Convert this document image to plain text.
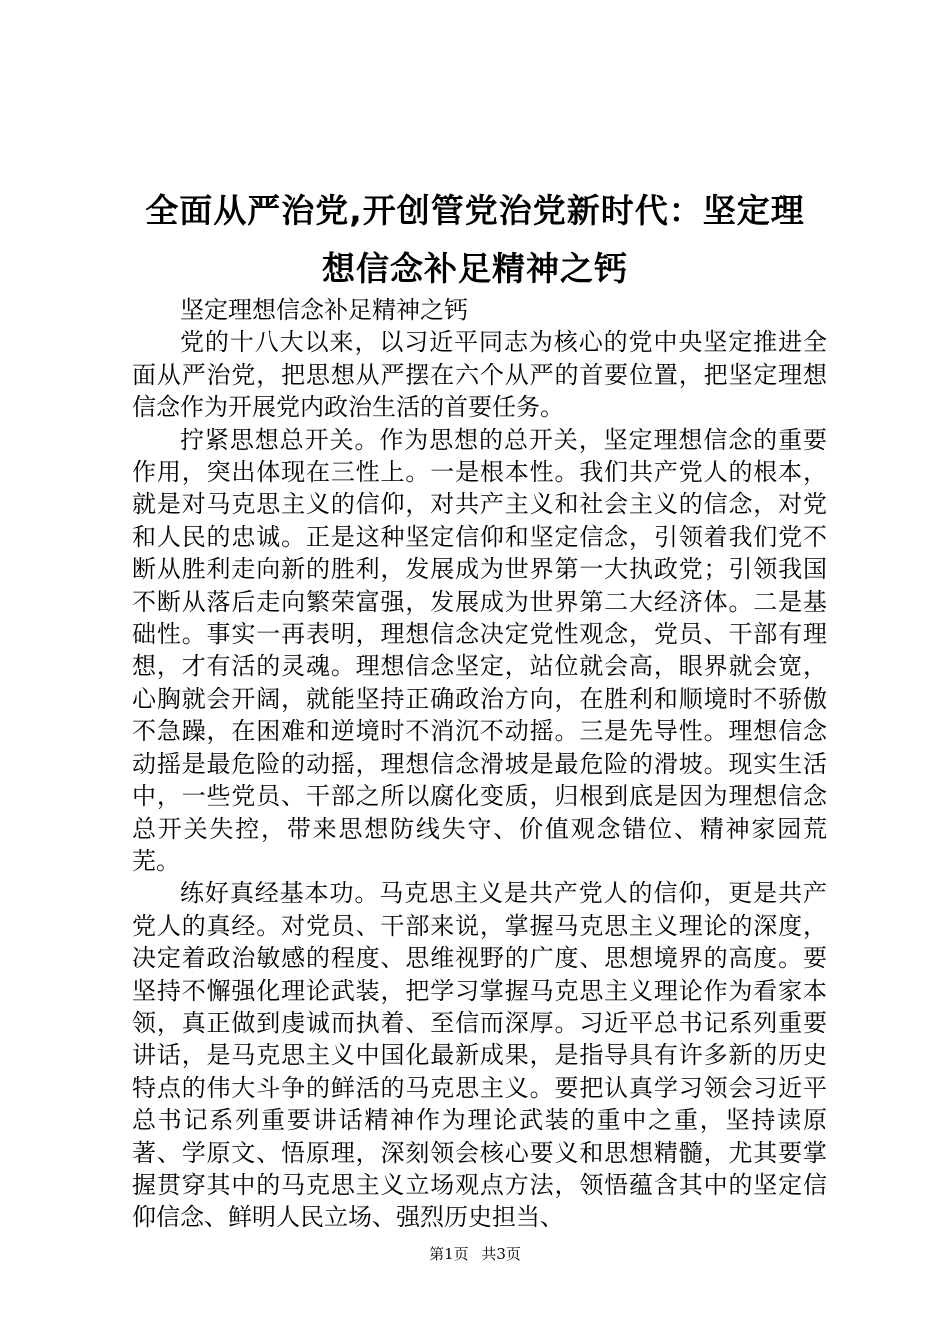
全面从严治党,开创管党治党新时代：坚定理
想信念补足精神之钙

坚定理想信念补足精神之钙

党的十八大以来，以习近平同志为核心的党中央坚定推进全面从严治党，把思想从严摆在六个从严的首要位置，把坚定理想信念作为开展党内政治生活的首要任务。

拧紧思想总开关。作为思想的总开关，坚定理想信念的重要作用，突出体现在三性上。一是根本性。我们共产党人的根本，就是对马克思主义的信仰，对共产主义和社会主义的信念，对党和人民的忠诚。正是这种坚定信仰和坚定信念，引领着我们党不断从胜利走向新的胜利，发展成为世界第一大执政党；引领我国不断从落后走向繁荣富强，发展成为世界第二大经济体。二是基础性。事实一再表明，理想信念决定党性观念，党员、干部有理想，才有活的灵魂。理想信念坚定，站位就会高，眼界就会宽，心胸就会开阔，就能坚持正确政治方向，在胜利和顺境时不骄傲不急躁，在困难和逆境时不消沉不动摇。三是先导性。理想信念动摇是最危险的动摇，理想信念滑坡是最危险的滑坡。现实生活中，一些党员、干部之所以腐化变质，归根到底是因为理想信念总开关失控，带来思想防线失守、价值观念错位、精神家园荒芜。

练好真经基本功。马克思主义是共产党人的信仰，更是共产党人的真经。对党员、干部来说，掌握马克思主义理论的深度，决定着政治敏感的程度、思维视野的广度、思想境界的高度。要坚持不懈强化理论武装，把学习掌握马克思主义理论作为看家本领，真正做到虔诚而执着、至信而深厚。习近平总书记系列重要讲话，是马克思主义中国化最新成果，是指导具有许多新的历史特点的伟大斗争的鲜活的马克思主义。要把认真学习领会习近平总书记系列重要讲话精神作为理论武装的重中之重，坚持读原著、学原文、悟原理，深刻领会核心要义和思想精髓，尤其要掌握贯穿其中的马克思主义立场观点方法，领悟蕴含其中的坚定信仰信念、鲜明人民立场、强烈历史担当、

第1页 共3页
